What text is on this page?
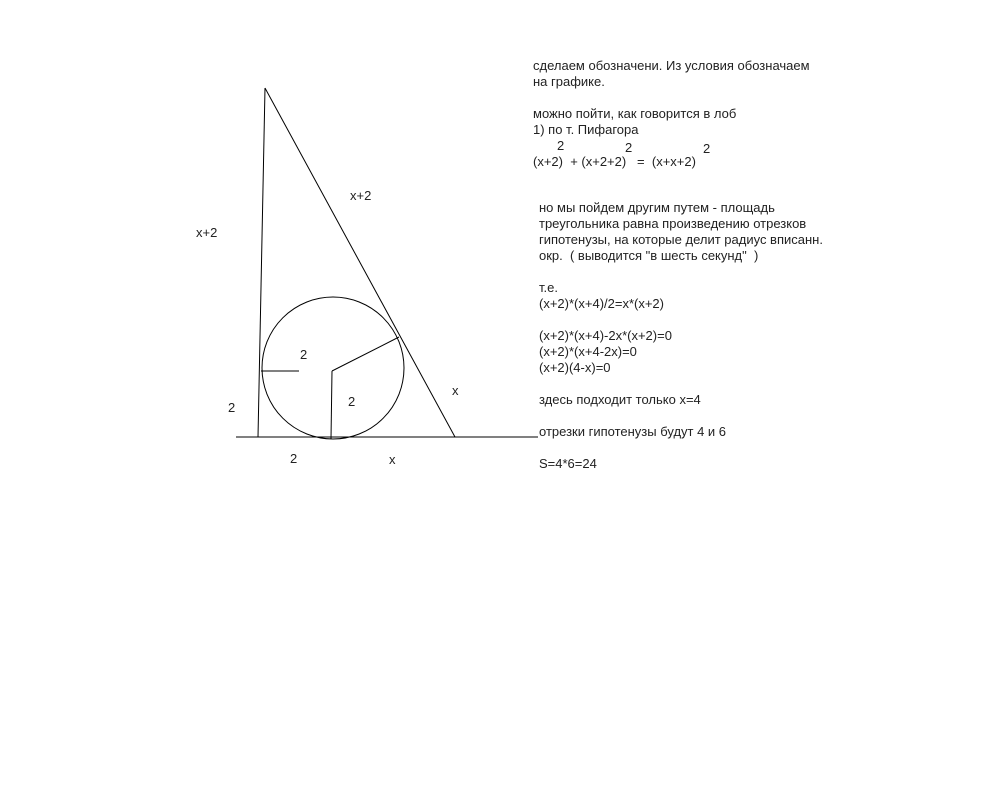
x+2
x+2
x
2
2	x
2
2
сделаем обозначени. Из условия обозначаем
на графике.
можно пойти, как говорится в лоб
1) по т. Пифагора
2	2	2
(x+2)  + (x+2+2)   =  (x+x+2)
но мы пойдем другим путем - площадь
треугольника равна произведению отрезков
гипотенузы, на которые делит радиус вписанн.
окр.  ( выводится "в шесть секунд"  )
т.е.
(x+2)*(x+4)/2=x*(x+2)
(x+2)*(x+4)-2x*(x+2)=0
(x+2)*(x+4-2x)=0
(x+2)(4-x)=0
здесь подходит только x=4
отрезки гипотенузы будут 4 и 6
S=4*6=24
